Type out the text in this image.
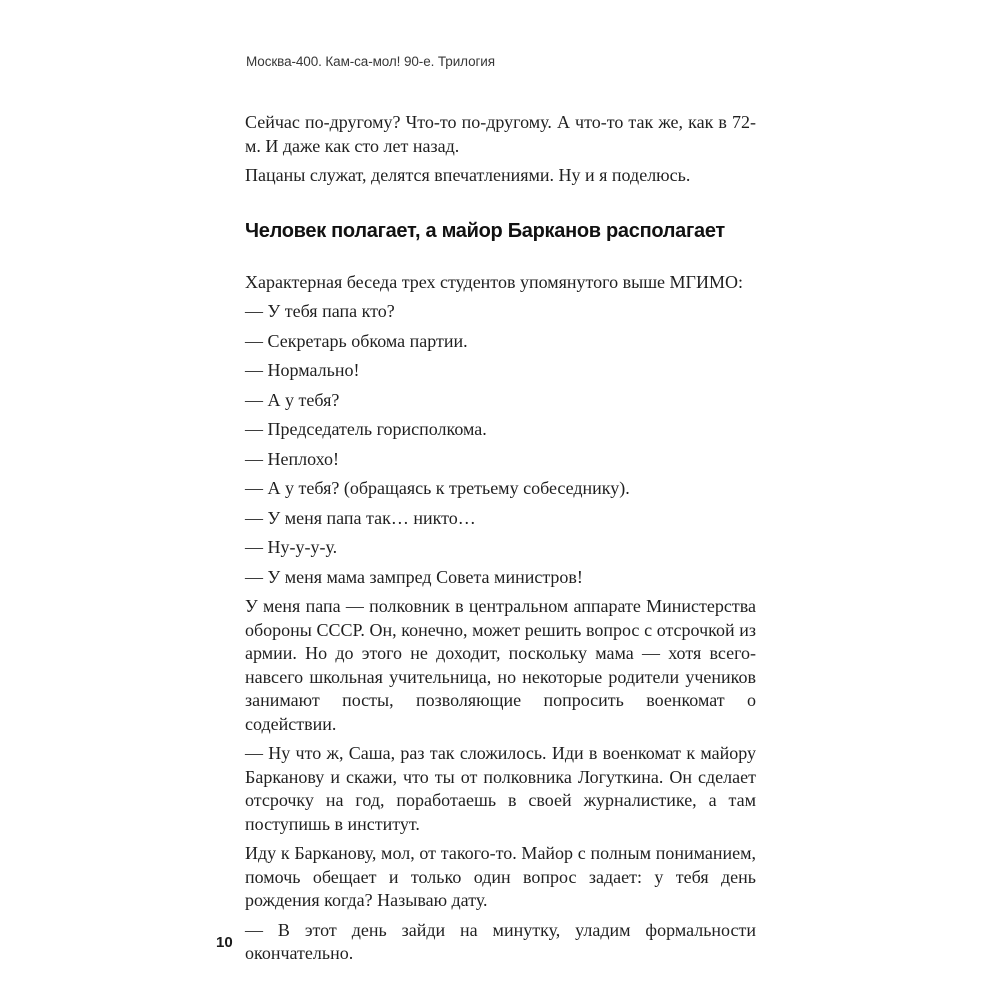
Москва-400. Кам-са-мол! 90-е. Трилогия

Сейчас по-другому? Что-то по-другому. А что-то так же, как в 72-м. И даже как сто лет назад.

Пацаны служат, делятся впечатлениями. Ну и я поделюсь.

Человек полагает, а майор Барканов располагает

Характерная беседа трех студентов упомянутого выше МГИМО:

— У тебя папа кто?

— Секретарь обкома партии.

— Нормально!

— А у тебя?

— Председатель горисполкома.

— Неплохо!

— А у тебя? (обращаясь к третьему собеседнику).

— У меня папа так… никто…

— Ну-у-у-у.

— У меня мама зампред Совета министров!

У меня папа — полковник в центральном аппарате Министерства обороны СССР. Он, конечно, может решить вопрос с отсрочкой из армии. Но до этого не доходит, поскольку мама — хотя всего-навсего школьная учительница, но некоторые родители учеников занимают посты, позволяющие попросить военкомат о содействии.

— Ну что ж, Саша, раз так сложилось. Иди в военкомат к майору Барканову и скажи, что ты от полковника Логуткина. Он сделает отсрочку на год, поработаешь в своей журналистике, а там поступишь в институт.

Иду к Барканову, мол, от такого-то. Майор с полным пониманием, помочь обещает и только один вопрос задает: у тебя день рождения когда? Называю дату.

— В этот день зайди на минутку, уладим формальности окончательно.

10
